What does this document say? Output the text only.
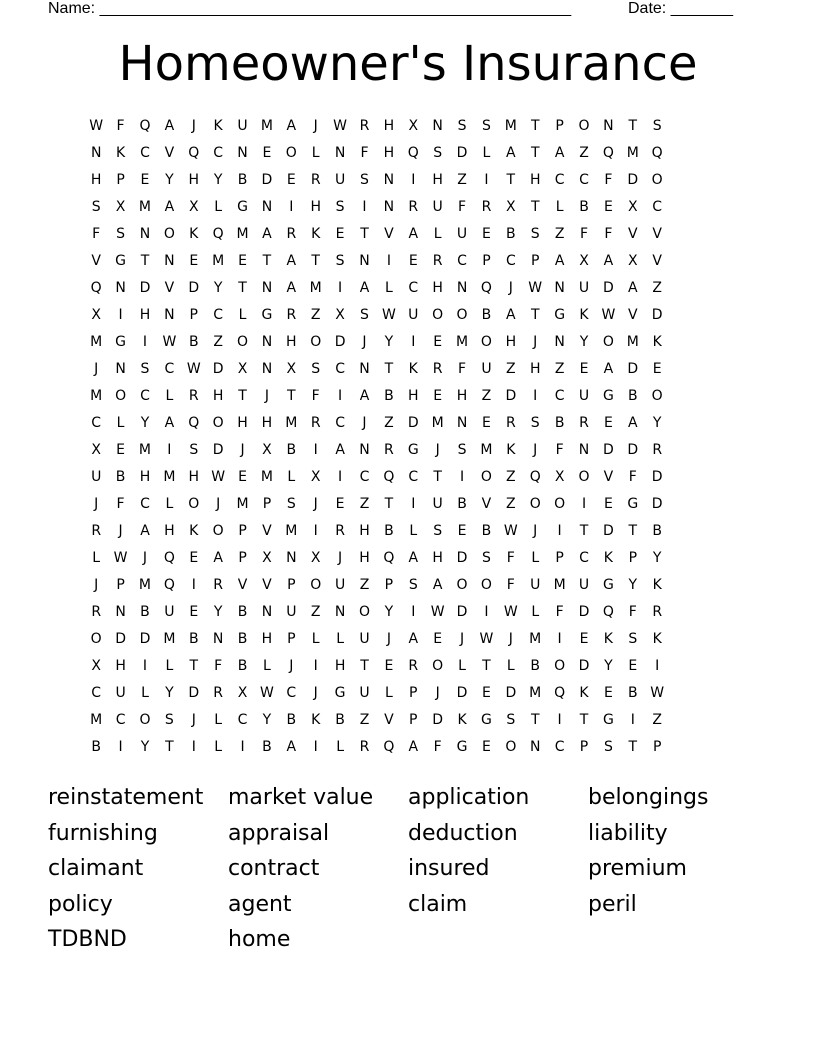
Name: _____________________________________________________	Date: _______
Homeowner's Insurance
W F	Q	A	J	K	U M A	J	W R	H	X	N	S	S M	T	P	O N	T	S
N	K	C	V	Q C	N	E	O	L	N	F	H Q	S	D	L	A	T	A	Z	Q M Q
H	P	E	Y	H	Y	B	D	E	R	U	S	N	I	H	Z	I	T	H	C	C	F	D O
S	X M A	X	L	G N	I	H	S	I	N	R	U	F	R	X	T	L	B	E	X	C
F	S	N O	K	Q M A	R	K	E	T	V	A	L	U	E	B	S	Z	F	F	V	V
V	G	T	N	E M E	T	A	T	S	N	I	E	R	C	P	C	P	A	X	A	X	V
Q N D	V	D	Y	T	N	A M	I	A	L	C	H N Q	J	W N	U D	A	Z
X	I	H N	P	C	L	G	R	Z	X	S W U O O	B	A	T	G	K W V	D
M G	I	W B	Z	O N H O D	J	Y	I	E M O H	J	N	Y	O M K
J	N	S	C W D	X	N	X	S	C	N	T	K	R	F	U	Z	H	Z	E	A	D	E
M O C	L	R	H	T	J	T	F	I	A	B	H	E	H	Z	D	I	C	U G	B	O
C	L	Y	A	Q O H H M R	C	J	Z	D M N	E	R	S	B	R	E	A	Y
X	E M	I	S	D	J	X	B	I	A	N	R	G	J	S M K	J	F	N D D	R
U	B	H M H W E M	L	X	I	C Q C	T	I	O	Z	Q	X	O	V	F	D
J	F	C	L	O	J	M	P	S	J	E	Z	T	I	U	B	V	Z	O O	I	E	G D
R	J	A	H	K	O	P	V M	I	R	H	B	L	S	E	B W	J	I	T	D	T	B
L W	J	Q	E	A	P	X	N	X	J	H Q	A	H D	S	F	L	P	C	K	P	Y
J	P	M Q	I	R	V	V	P	O U	Z	P	S	A	O O	F	U M U G	Y	K
R	N	B	U	E	Y	B	N	U	Z	N O	Y	I	W D	I	W L	F	D Q	F	R
O D D M B	N	B	H	P	L	L	U	J	A	E	J	W	J	M	I	E	K	S	K
X	H	I	L	T	F	B	L	J	I	H	T	E	R	O	L	T	L	B	O D	Y	E	I
C	U	L	Y	D	R	X W C	J	G U	L	P	J	D	E	D M Q	K	E	B W
M C O	S	J	L	C	Y	B	K	B	Z	V	P	D	K	G	S	T	I	T	G	I	Z
B	I	Y	T	I	L	I	B	A	I	L	R	Q	A	F	G	E	O N	C	P	S	T	P
reinstatement	market value	application	belongings
furnishing	appraisal	deduction	liability
claimant	contract	insured	premium
policy	agent	claim	peril
TDBND	home
